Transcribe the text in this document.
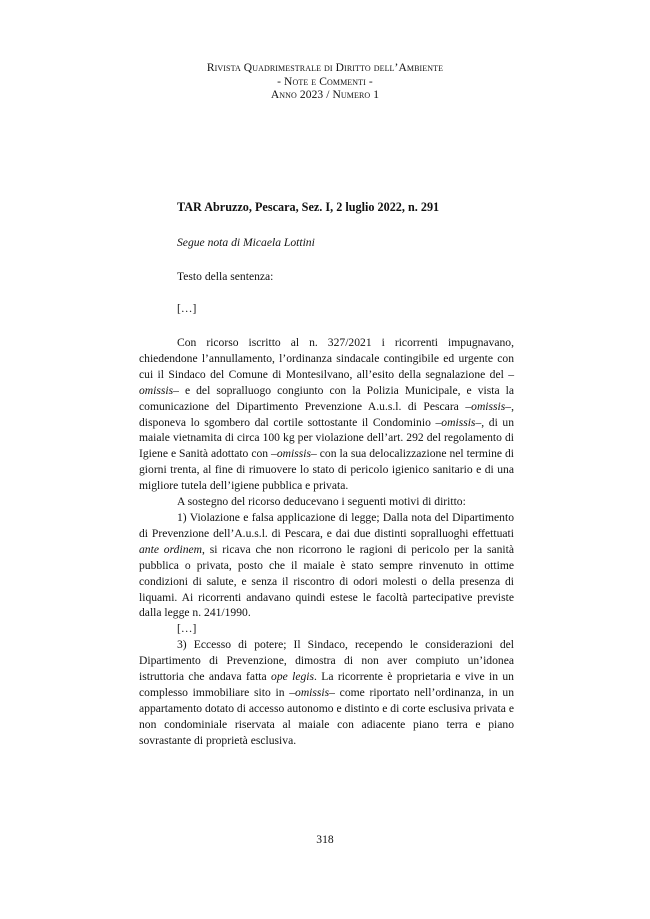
Rivista Quadrimestrale di Diritto dell’Ambiente
- Note e Commenti -
Anno 2023 / Numero 1
TAR Abruzzo, Pescara, Sez. I, 2 luglio 2022, n. 291
Segue nota di Micaela Lottini
Testo della sentenza:
[…]

Con ricorso iscritto al n. 327/2021 i ricorrenti impugnavano, chiedendone l’annullamento, l’ordinanza sindacale contingibile ed urgente con cui il Sindaco del Comune di Montesilvano, all’esito della segnalazione del – omissis– e del sopralluogo congiunto con la Polizia Municipale, e vista la comunicazione del Dipartimento Prevenzione A.u.s.l. di Pescara –omissis–, disponeva lo sgombero dal cortile sottostante il Condominio –omissis–, di un maiale vietnamita di circa 100 kg per violazione dell’art. 292 del regolamento di Igiene e Sanità adottato con –omissis– con la sua delocalizzazione nel termine di giorni trenta, al fine di rimuovere lo stato di pericolo igienico sanitario e di una migliore tutela dell’igiene pubblica e privata.

A sostegno del ricorso deducevano i seguenti motivi di diritto:

1) Violazione e falsa applicazione di legge; Dalla nota del Dipartimento di Prevenzione dell’A.u.s.l. di Pescara, e dai due distinti sopralluoghi effettuati ante ordinem, si ricava che non ricorrono le ragioni di pericolo per la sanità pubblica o privata, posto che il maiale è stato sempre rinvenuto in ottime condizioni di salute, e senza il riscontro di odori molesti o della presenza di liquami. Ai ricorrenti andavano quindi estese le facoltà partecipative previste dalla legge n. 241/1990.

[…]

3) Eccesso di potere; Il Sindaco, recependo le considerazioni del Dipartimento di Prevenzione, dimostra di non aver compiuto un’idonea istruttoria che andava fatta ope legis. La ricorrente è proprietaria e vive in un complesso immobiliare sito in –omissis– come riportato nell’ordinanza, in un appartamento dotato di accesso autonomo e distinto e di corte esclusiva privata e non condominiale riservata al maiale con adiacente piano terra e piano sovrastante di proprietà esclusiva.

318
